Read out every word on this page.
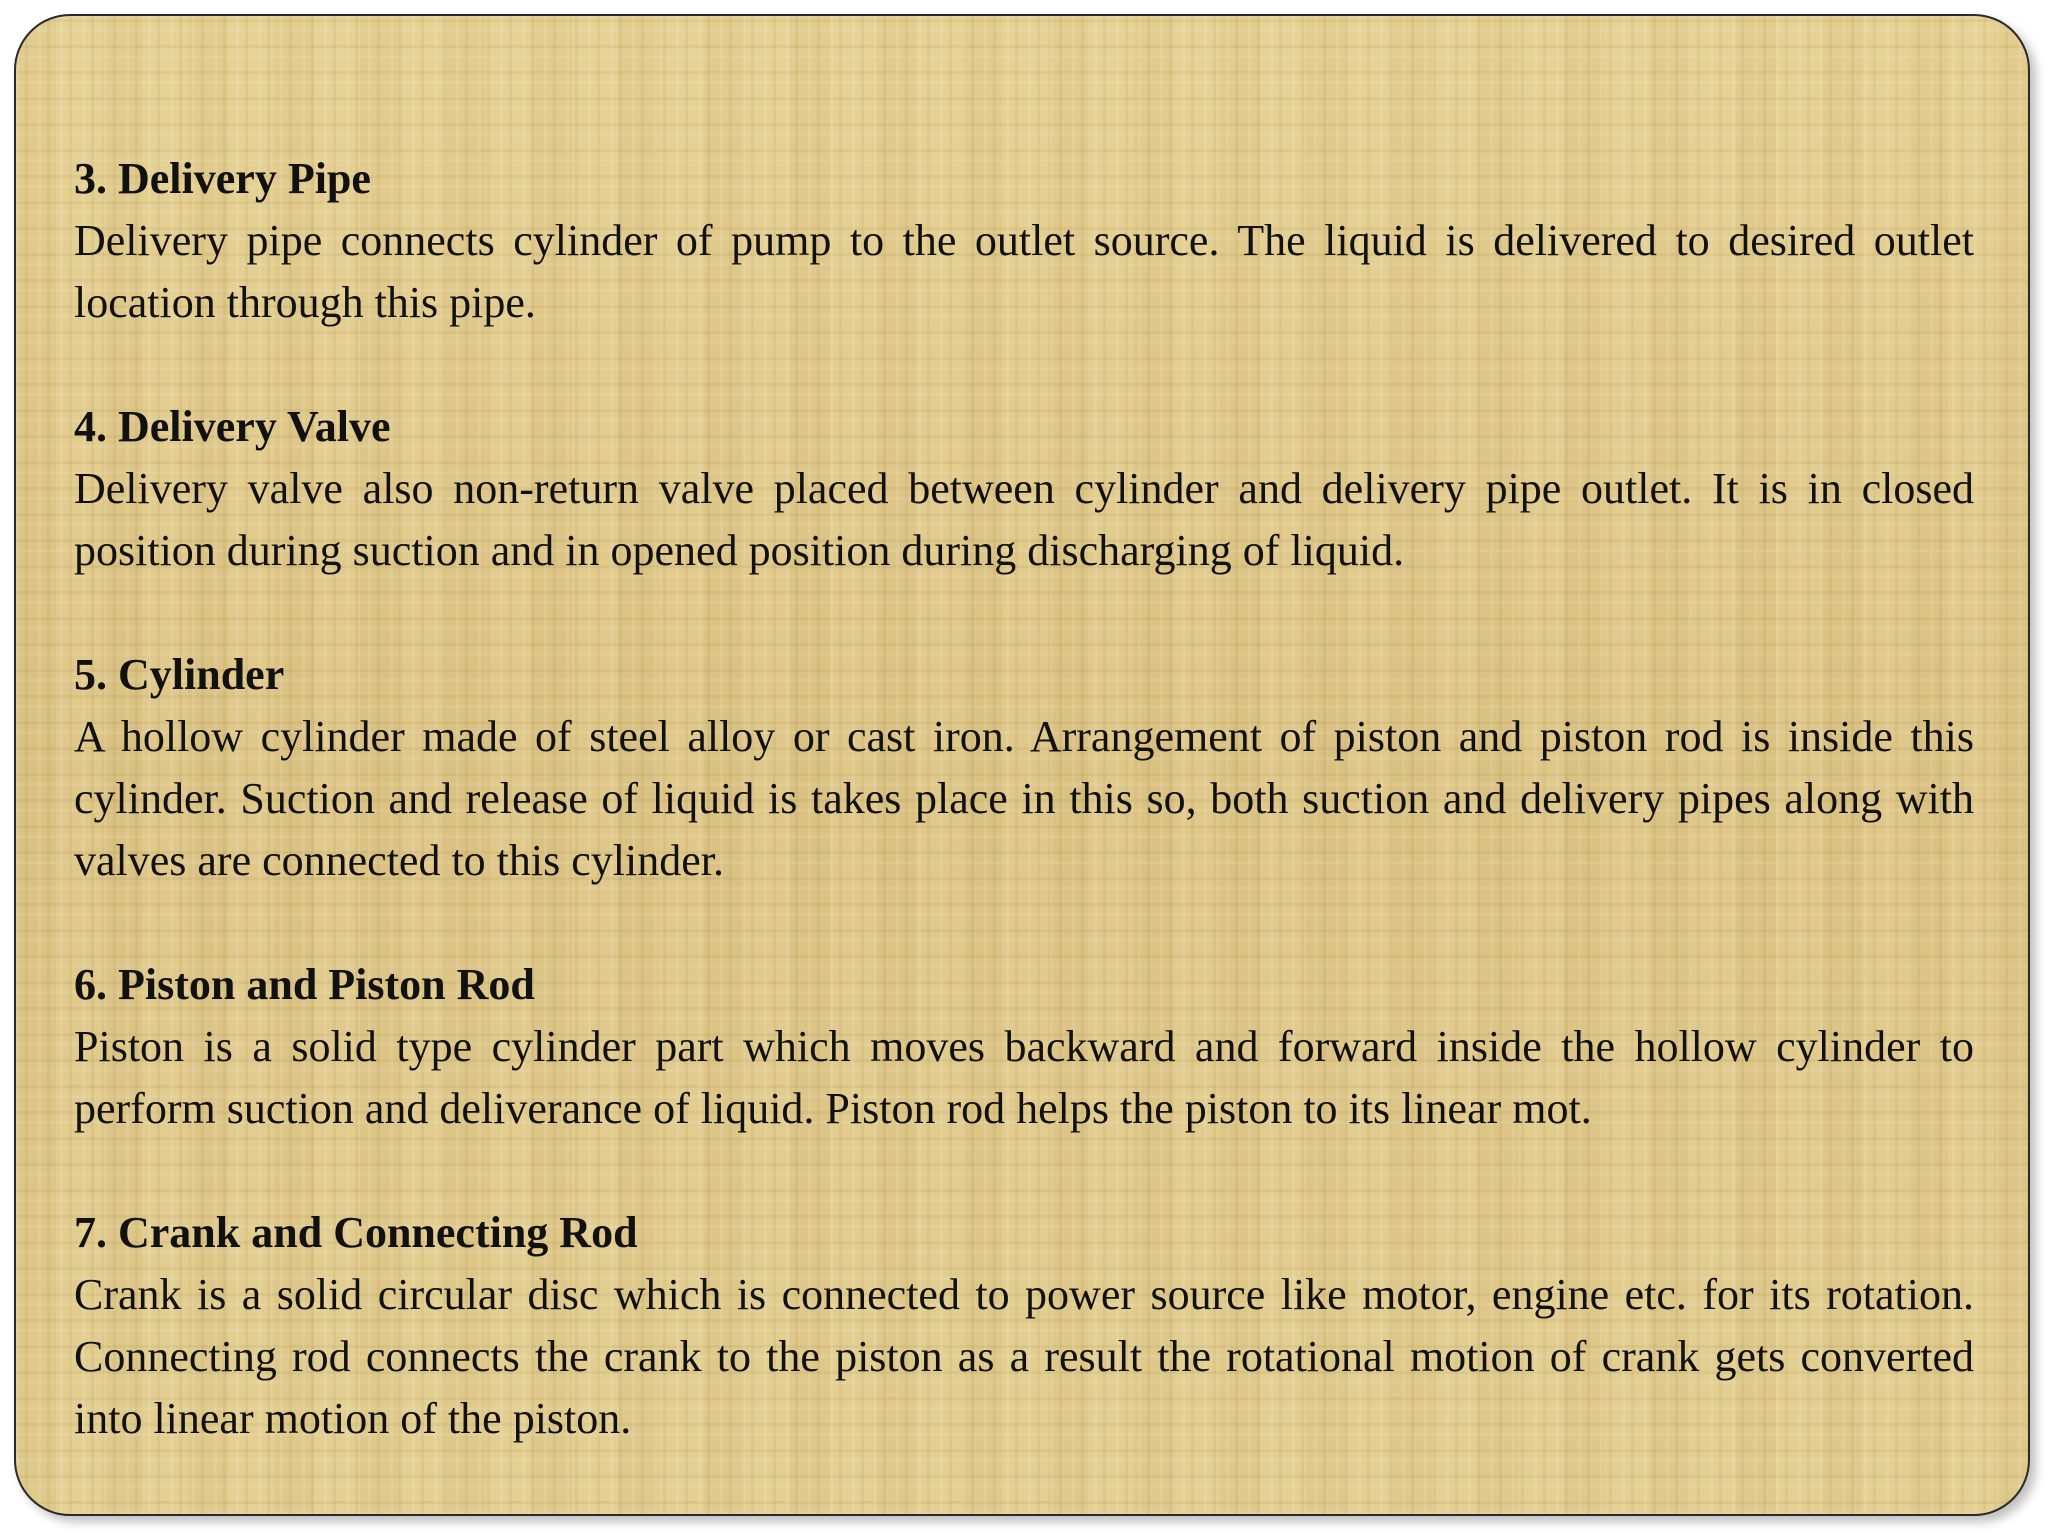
3. Delivery Pipe

Delivery pipe connects cylinder of pump to the outlet source. The liquid is delivered to desired outlet location through this pipe.

4. Delivery Valve

Delivery valve also non-return valve placed between cylinder and delivery pipe outlet. It is in closed position during suction and in opened position during discharging of liquid.

5. Cylinder

A hollow cylinder made of steel alloy or cast iron. Arrangement of piston and piston rod is inside this cylinder. Suction and release of liquid is takes place in this so, both suction and delivery pipes along with valves are connected to this cylinder.

6. Piston and Piston Rod

Piston is a solid type cylinder part which moves backward and forward inside the hollow cylinder to perform suction and deliverance of liquid. Piston rod helps the piston to its linear mot.

7. Crank and Connecting Rod

Crank is a solid circular disc which is connected to power source like motor, engine etc. for its rotation. Connecting rod connects the crank to the piston as a result the rotational motion of crank gets converted into linear motion of the piston.
